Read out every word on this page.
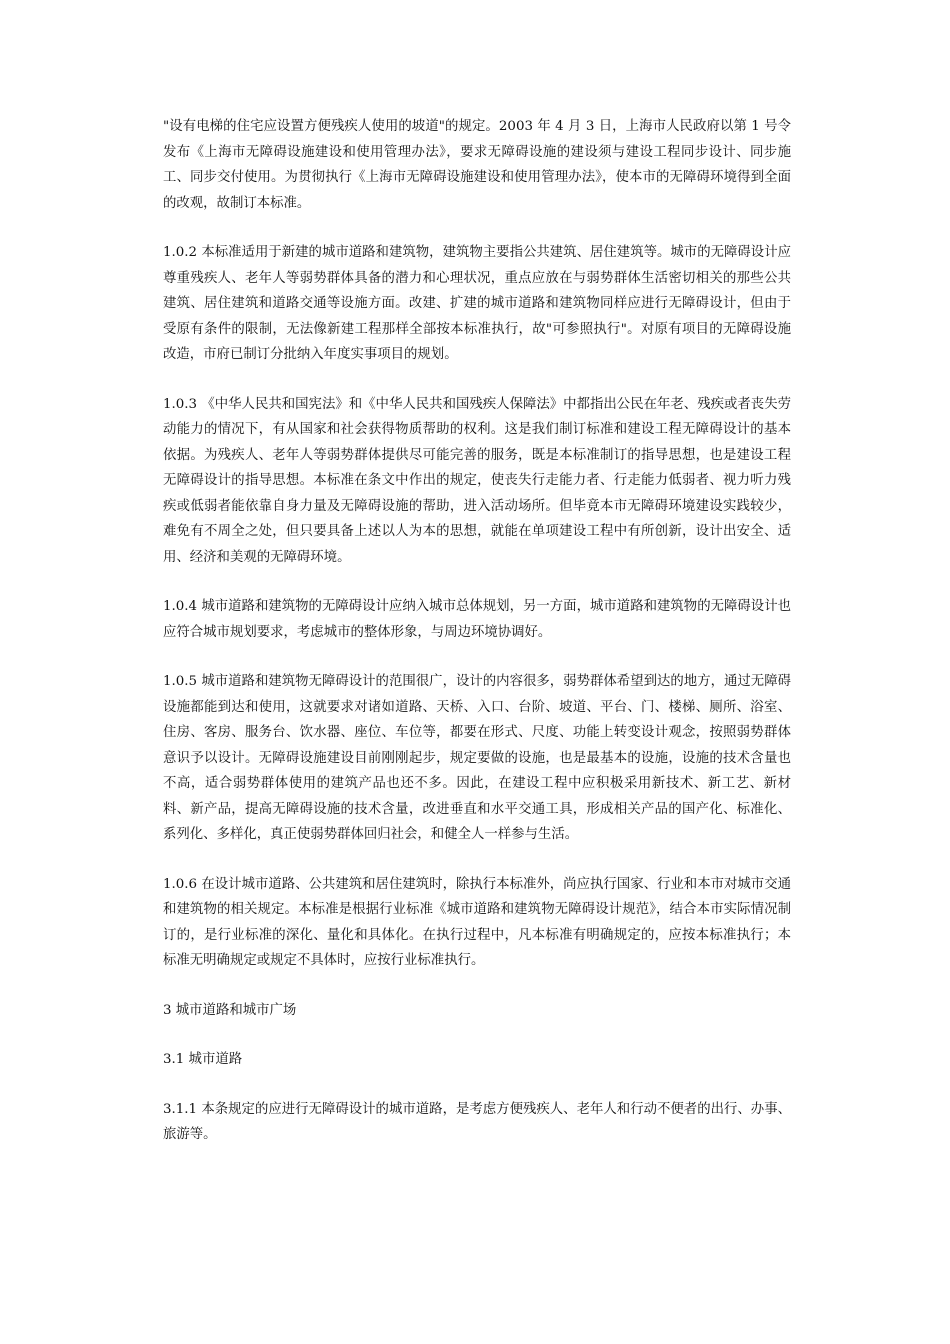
"设有电梯的住宅应设置方便残疾人使用的坡道"的规定。2003 年 4 月 3 日，上海市人民政府以第 1 号令发布《上海市无障碍设施建设和使用管理办法》，要求无障碍设施的建设须与建设工程同步设计、同步施工、同步交付使用。为贯彻执行《上海市无障碍设施建设和使用管理办法》，使本市的无障碍环境得到全面的改观，故制订本标准。

1.0.2 本标准适用于新建的城市道路和建筑物，建筑物主要指公共建筑、居住建筑等。城市的无障碍设计应尊重残疾人、老年人等弱势群体具备的潜力和心理状况，重点应放在与弱势群体生活密切相关的那些公共建筑、居住建筑和道路交通等设施方面。改建、扩建的城市道路和建筑物同样应进行无障碍设计，但由于受原有条件的限制，无法像新建工程那样全部按本标准执行，故"可参照执行"。对原有项目的无障碍设施改造，市府已制订分批纳入年度实事项目的规划。

1.0.3 《中华人民共和国宪法》和《中华人民共和国残疾人保障法》中都指出公民在年老、残疾或者丧失劳动能力的情况下，有从国家和社会获得物质帮助的权利。这是我们制订标准和建设工程无障碍设计的基本依据。为残疾人、老年人等弱势群体提供尽可能完善的服务，既是本标准制订的指导思想，也是建设工程无障碍设计的指导思想。本标准在条文中作出的规定，使丧失行走能力者、行走能力低弱者、视力听力残疾或低弱者能依靠自身力量及无障碍设施的帮助，进入活动场所。但毕竟本市无障碍环境建设实践较少，难免有不周全之处，但只要具备上述以人为本的思想，就能在单项建设工程中有所创新，设计出安全、适用、经济和美观的无障碍环境。

1.0.4 城市道路和建筑物的无障碍设计应纳入城市总体规划，另一方面，城市道路和建筑物的无障碍设计也应符合城市规划要求，考虑城市的整体形象，与周边环境协调好。

1.0.5 城市道路和建筑物无障碍设计的范围很广，设计的内容很多，弱势群体希望到达的地方，通过无障碍设施都能到达和使用，这就要求对诸如道路、天桥、入口、台阶、坡道、平台、门、楼梯、厕所、浴室、住房、客房、服务台、饮水器、座位、车位等，都要在形式、尺度、功能上转变设计观念，按照弱势群体意识予以设计。无障碍设施建设目前刚刚起步，规定要做的设施，也是最基本的设施，设施的技术含量也不高，适合弱势群体使用的建筑产品也还不多。因此，在建设工程中应积极采用新技术、新工艺、新材料、新产品，提高无障碍设施的技术含量，改进垂直和水平交通工具，形成相关产品的国产化、标准化、系列化、多样化，真正使弱势群体回归社会，和健全人一样参与生活。

1.0.6 在设计城市道路、公共建筑和居住建筑时，除执行本标准外，尚应执行国家、行业和本市对城市交通和建筑物的相关规定。本标准是根据行业标准《城市道路和建筑物无障碍设计规范》，结合本市实际情况制订的，是行业标准的深化、量化和具体化。在执行过程中，凡本标准有明确规定的，应按本标准执行；本标准无明确规定或规定不具体时，应按行业标准执行。

3 城市道路和城市广场

3.1 城市道路

3.1.1 本条规定的应进行无障碍设计的城市道路，是考虑方便残疾人、老年人和行动不便者的出行、办事、旅游等。
